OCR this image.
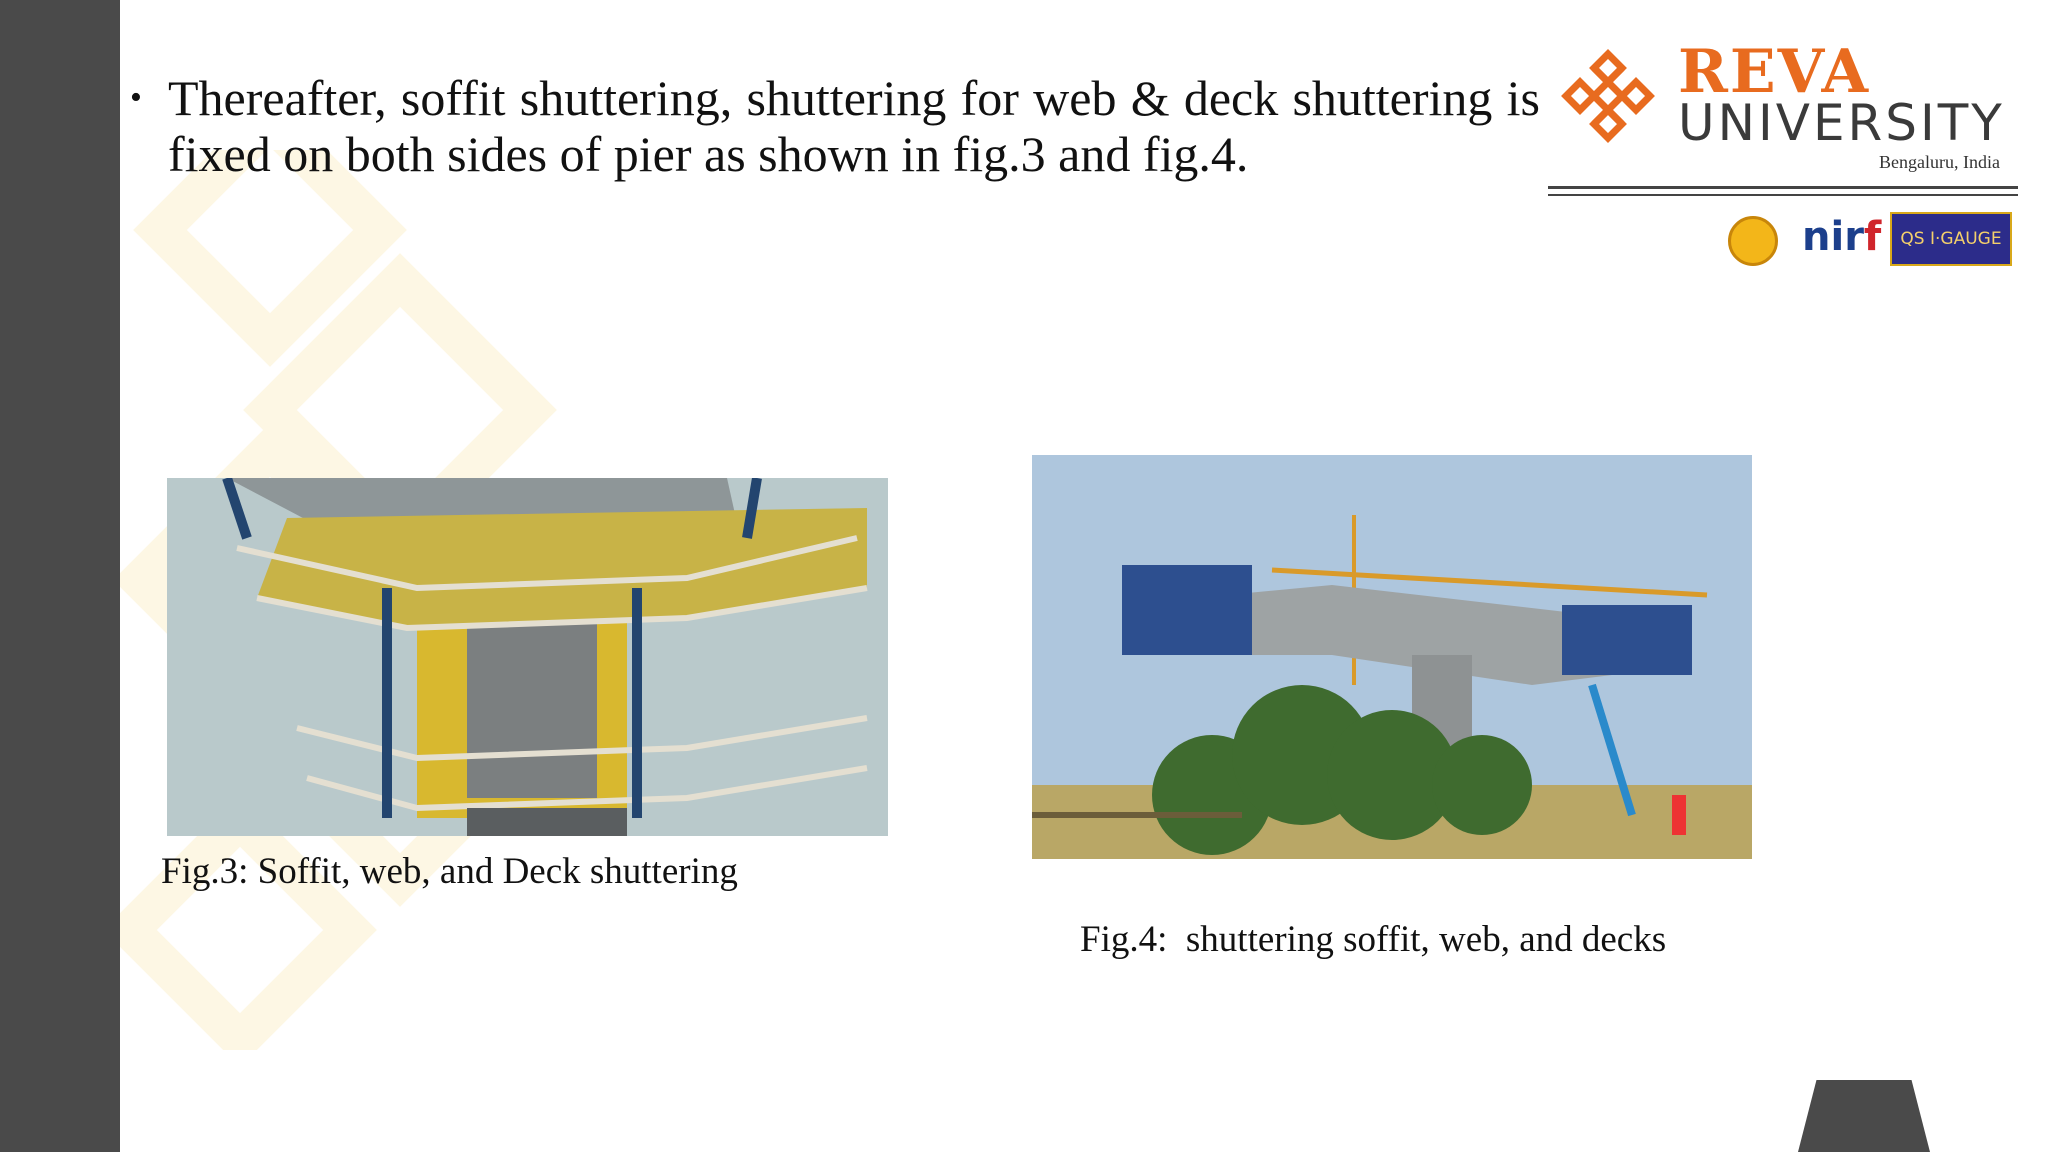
• Thereafter, soffit shuttering, shuttering for web & deck shuttering is fixed on both sides of pier as shown in fig.3 and fig.4.
REVA
UNIVERSITY
Bengaluru, India
nirf	QS I·GAUGE
Fig.3: Soffit, web, and Deck shuttering
Fig.4:  shuttering soffit, web, and decks
